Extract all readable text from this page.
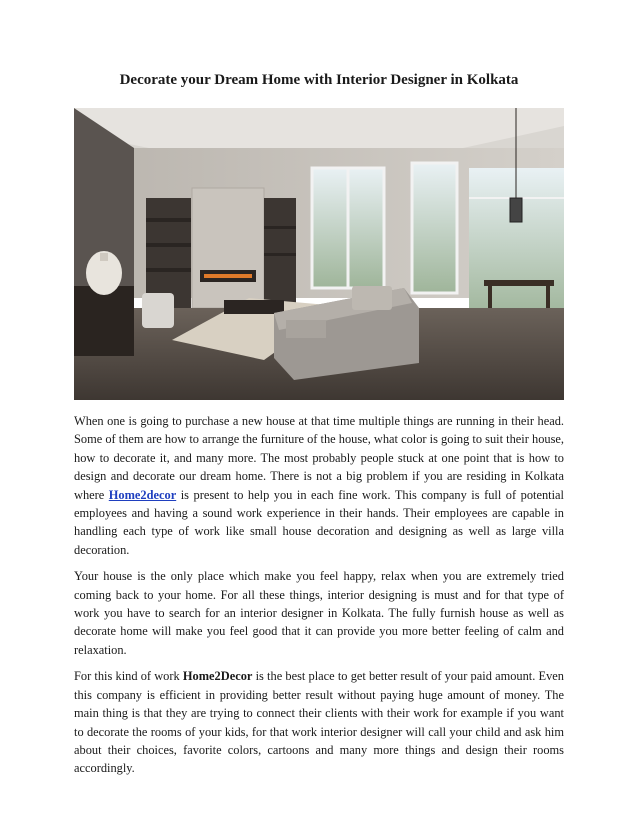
Decorate your Dream Home with Interior Designer in Kolkata

When one is going to purchase a new house at that time multiple things are running in their head. Some of them are how to arrange the furniture of the house, what color is going to suit their house, how to decorate it, and many more. The most probably people stuck at one point that is how to design and decorate our dream home. There is not a big problem if you are residing in Kolkata where Home2decor is present to help you in each fine work. This company is full of potential employees and having a sound work experience in their hands. Their employees are capable in handling each type of work like small house decoration and designing as well as large villa decoration.

Your house is the only place which make you feel happy, relax when you are extremely tried coming back to your home. For all these things, interior designing is must and for that type of work you have to search for an interior designer in Kolkata. The fully furnish house as well as decorate home will make you feel good that it can provide you more better feeling of calm and relaxation.

For this kind of work Home2Decor is the best place to get better result of your paid amount. Even this company is efficient in providing better result without paying huge amount of money. The main thing is that they are trying to connect their clients with their work for example if you want to decorate the rooms of your kids, for that work interior designer will call your child and ask him about their choices, favorite colors, cartoons and many more things and design their rooms accordingly.
